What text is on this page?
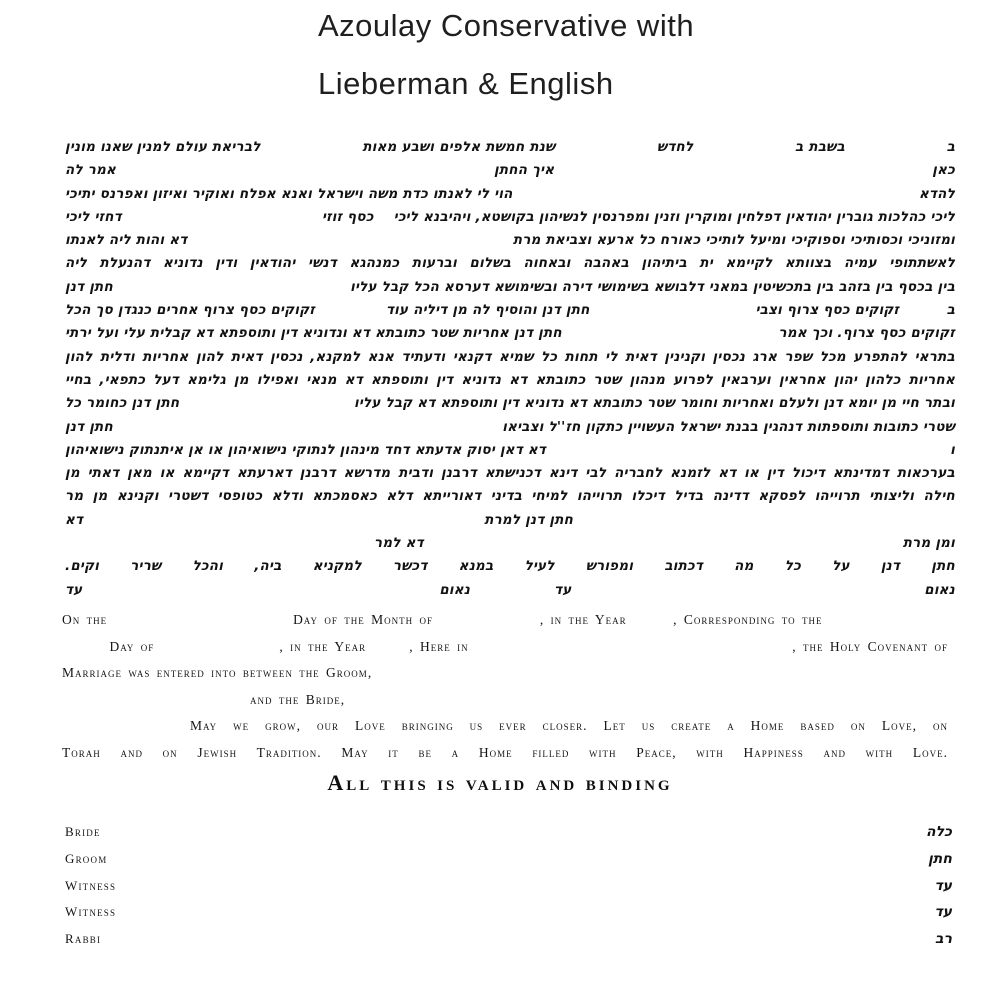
Azoulay Conservative with
Lieberman & English
ב
בשבת ב
לחדש
שנת חמשת אלפים ושבע מאות
לבריאת עולם למנין שאנו מונין
כאן
איך החתן
אמר לה
להדא
הוי לי לאנתו כדת משה וישראל ואנא אפלח ואוקיר ואיזון ואפרנס יתיכי
ליכי כהלכות גוברין יהודאין דפלחין ומוקרין וזנין ומפרנסין לנשיהון בקושטא, ויהיבנא ליכי
כסף זוזי
דחזי ליכי
ומזוניכי וכסותיכי וספוקיכי ומיעל לותיכי כאורח כל ארעא וצביאת מרת
דא והות ליה לאנתו
לאשתתופי עמיה בצוותא לקיימא ית ביתיהון באהבה ובאחוה בשלום וברעות כמנהגא דנשי יהודאין ודין נדוניא דהנעלת ליה
בין בכסף בין בזהב בין בתכשיטין במאני דלבושא בשימושי דירה ובשימושא דערסא הכל קבל עליו
חתן דנן
ב
זקוקים כסף צרוף וצבי
חתן דנן והוסיף לה מן דיליה עוד
זקוקים כסף צרוף אחרים כנגדן סך הכל
זקוקים כסף צרוף. וכך אמר
חתן דנן אחריות שטר כתובתא דא ונדוניא דין ותוספתא דא קבלית עלי ועל ירתי
בתראי להתפרע מכל שפר ארג נכסין וקנינין דאית לי תחות כל שמיא דקנאי ודעתיד אנא למקנא, נכסין דאית להון אחריות ודלית להון
אחריות כלהון יהון אחראין וערבאין לפרוע מנהון שטר כתובתא דא נדוניא דין ותוספתא דא מנאי ואפילו מן גלימא דעל כתפאי, בחיי
ובתר חיי מן יומא דנן ולעלם ואחריות וחומר שטר כתובתא דא נדוניא דין ותוספתא דא קבל עליו
חתן דנן כחומר כל
שטרי כתובות ותוספתות דנהגין בבנת ישראל העשויין כתקון חז''ל וצביאו
חתן דנן
ו
דא דאן יסוק אדעתא דחד מינהון לנתוקי נישואיהון או אן איתנתוק נישואיהון
בערכאות דמדינתא דיכול דין או דא לזמנא לחבריה לבי דינא דכנישתא דרבנן ודבית מדרשא דרבנן דארעתא דקיימא או מאן דאתי מן
חילה וליצותי תרוייהו לפסקא דדינה בדיל דיכלו תרוייהו למיחי בדיני דאורייתא דלא כאסמכתא ודלא כטופסי דשטרי וקנינא מן מר
חתן דנן למרת
דא
ומן מרת
דא למר
חתן דנן על כל מה דכתוב ומפורש לעיל במנא דכשר למקניא ביה, והכל שריר וקים.
נאום
עד
נאום
עד
On the	Day of the Month of	, in the Year	, Corresponding to the
Day of	, in the Year	, Here in	, the Holy Covenant of
Marriage was entered into between the Groom,
and the Bride,
May we grow, our Love bringing us ever closer. Let us create a Home based on Love, on
Torah and on Jewish Tradition. May it be a Home filled with Peace, with Happiness and with Love.
All this is valid and binding
Bride	כלה
Groom	חתן
Witness	עד
Witness	עד
Rabbi	רב
